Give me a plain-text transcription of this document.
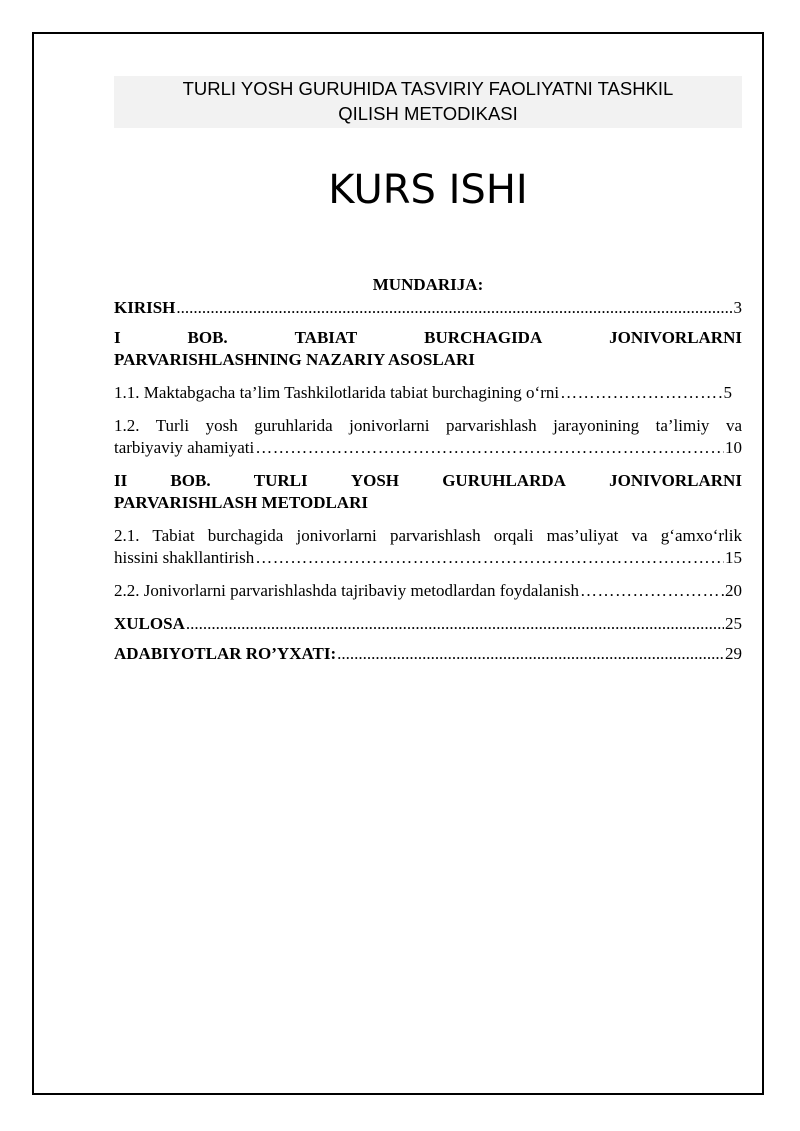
TURLI YOSH GURUHIDA TASVIRIY FAOLIYATNI TASHKIL
QILISH METODIKASI
KURS ISHI

MUNDARIJA:

KIRISH .....	3
I	BOB.	TABIAT	BURCHAGIDA	JONIVORLARNI
PARVARISHLASHNING NAZARIY ASOSLARI
1.1. Maktabgacha ta’lim Tashkilotlarida tabiat burchagining o‘rni …………………………………………………………………………………………………………………………………………………	5
1.2. Turli yosh guruhlarida jonivorlarni parvarishlash jarayonining ta’limiy va
tarbiyaviy ahamiyati …………………………………………………………………………………………………………………………………………………	10
II	BOB.	TURLI	YOSH	GURUHLARDA	JONIVORLARNI
PARVARISHLASH METODLARI
2.1. Tabiat burchagida jonivorlarni parvarishlash orqali mas’uliyat va g‘amxo‘rlik
hissini shakllantirish …………………………………………………………………………………………………………………………………………………	15
2.2. Jonivorlarni parvarishlashda tajribaviy metodlardan foydalanish …………………………………………………………………………………………………………………………………………………	20
XULOSA .....	25
ADABIYOTLAR RO’YXATI: .....	29
